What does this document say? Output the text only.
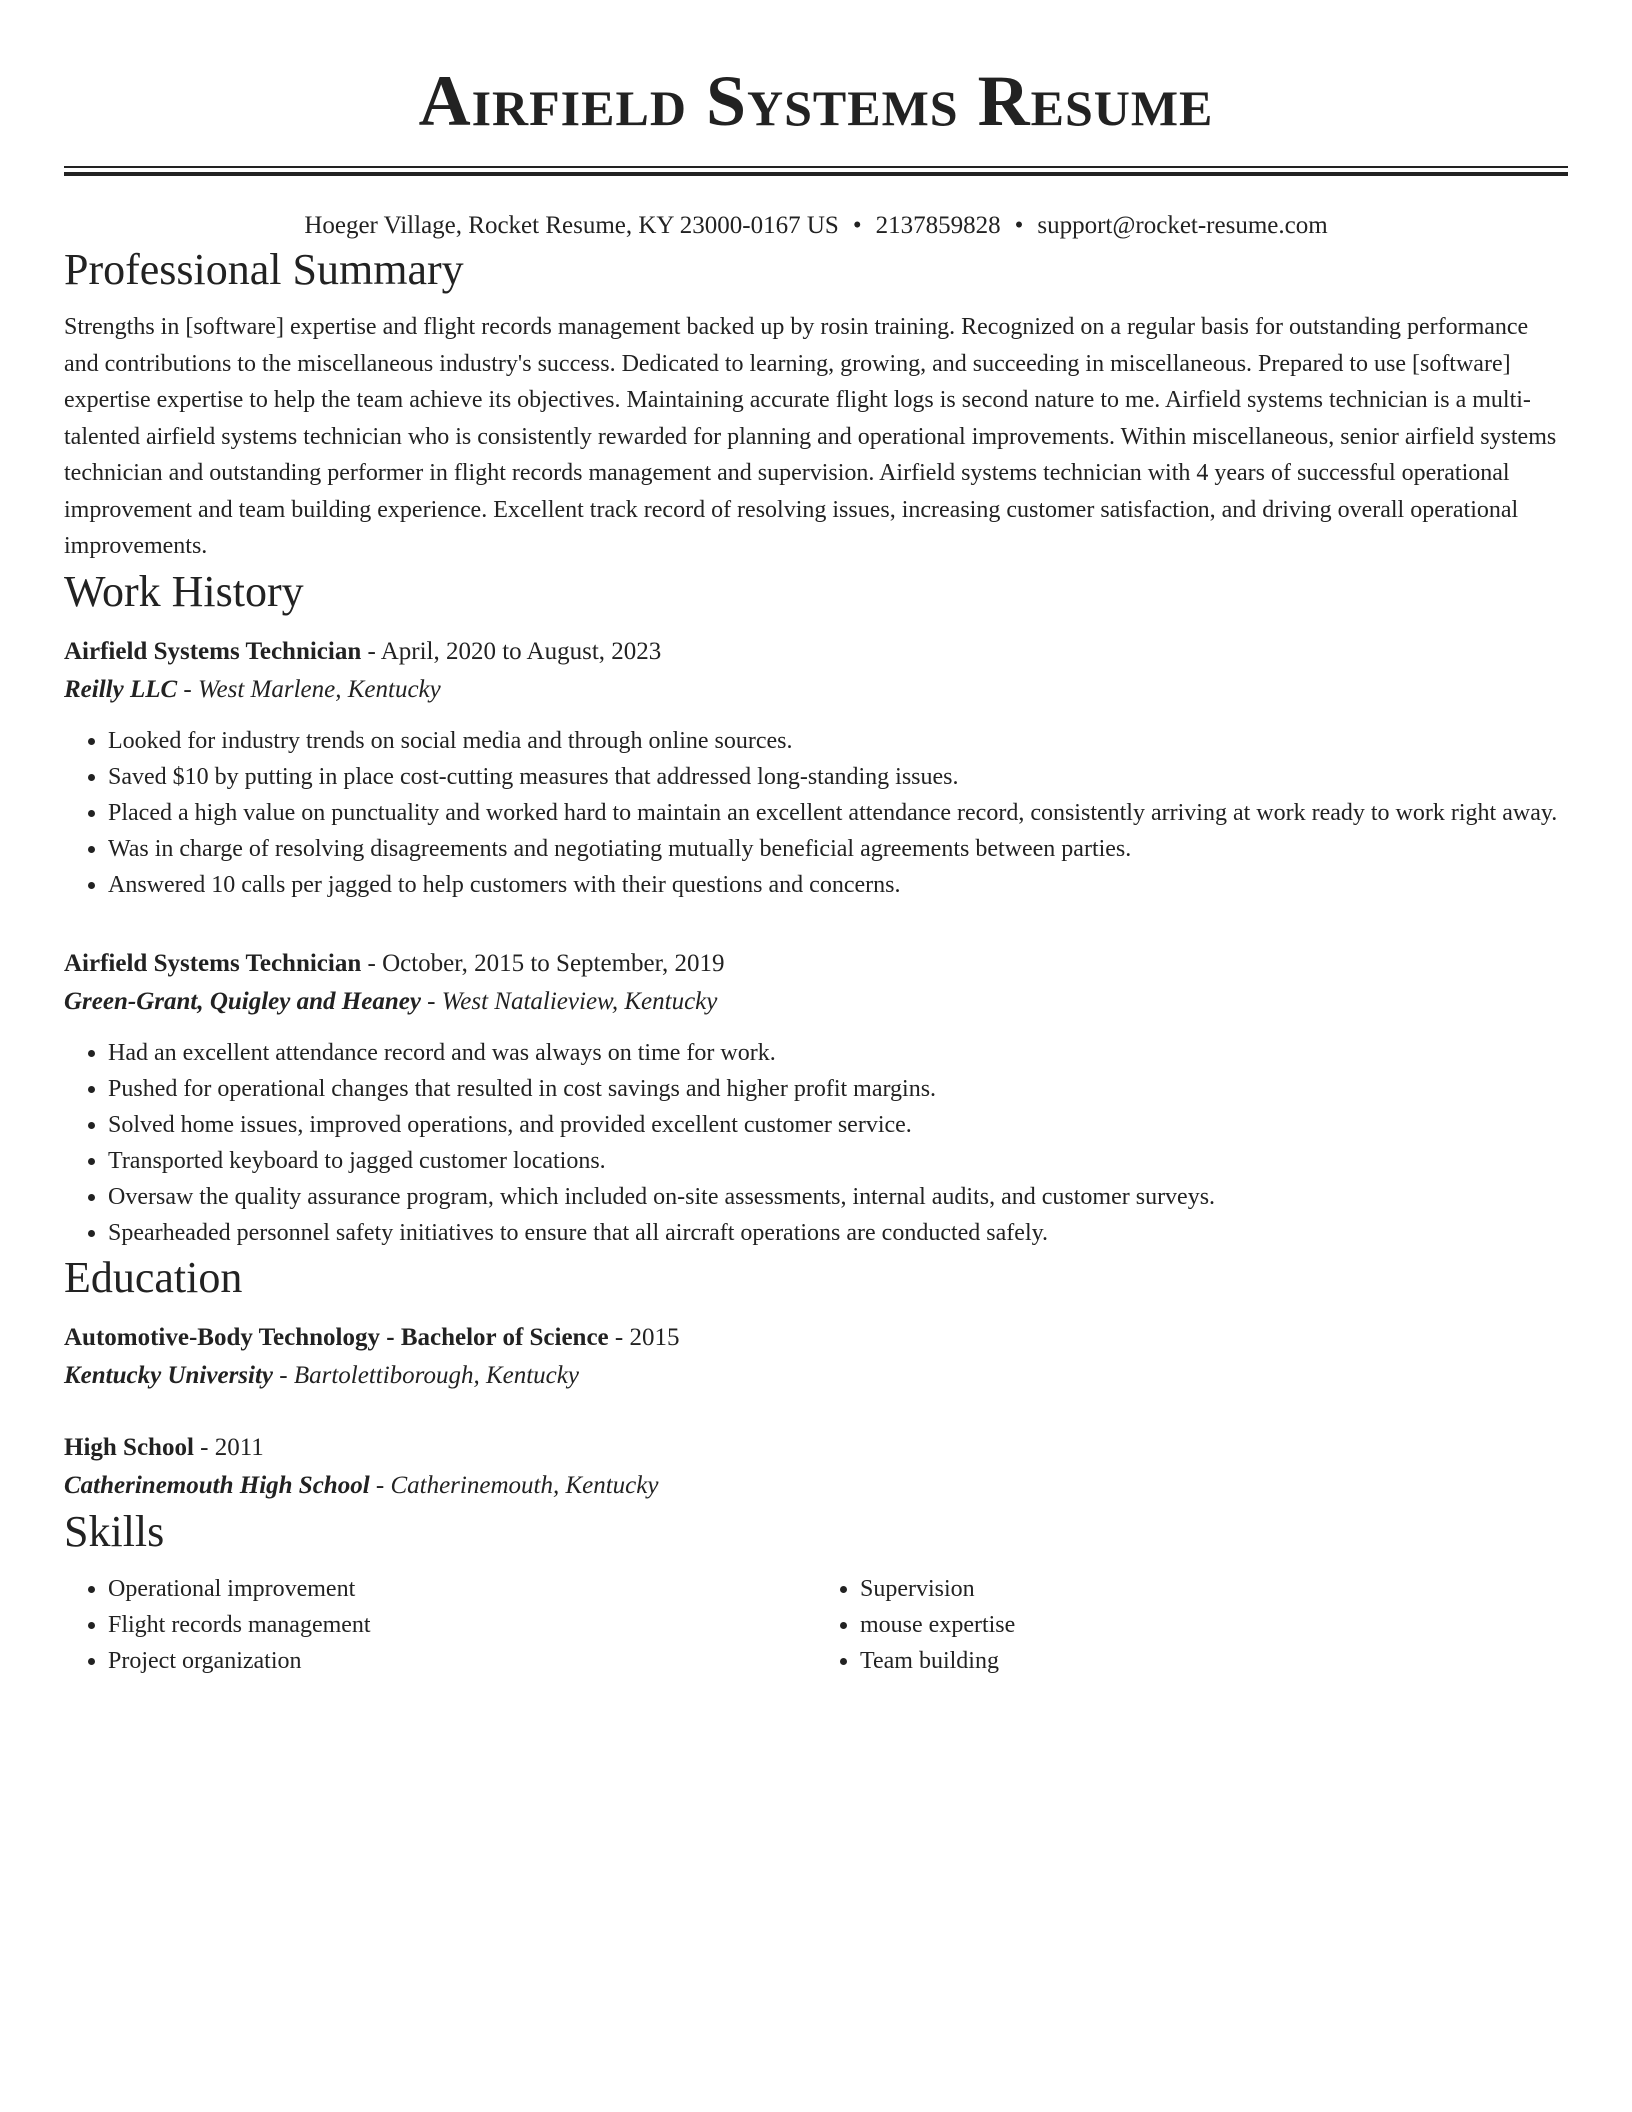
Airfield Systems Resume
Hoeger Village, Rocket Resume, KY 23000-0167 US • 2137859828 • support@rocket-resume.com
Professional Summary

Strengths in [software] expertise and flight records management backed up by rosin training. Recognized on a regular basis for outstanding performance and contributions to the miscellaneous industry's success. Dedicated to learning, growing, and succeeding in miscellaneous. Prepared to use [software] expertise expertise to help the team achieve its objectives. Maintaining accurate flight logs is second nature to me. Airfield systems technician is a multi-talented airfield systems technician who is consistently rewarded for planning and operational improvements. Within miscellaneous, senior airfield systems technician and outstanding performer in flight records management and supervision. Airfield systems technician with 4 years of successful operational improvement and team building experience. Excellent track record of resolving issues, increasing customer satisfaction, and driving overall operational improvements.

Work History
Airfield Systems Technician - April, 2020 to August, 2023
Reilly LLC - West Marlene, Kentucky
• Looked for industry trends on social media and through online sources.
• Saved $10 by putting in place cost-cutting measures that addressed long-standing issues.
• Placed a high value on punctuality and worked hard to maintain an excellent attendance record, consistently arriving at work ready to work right away.
• Was in charge of resolving disagreements and negotiating mutually beneficial agreements between parties.
• Answered 10 calls per jagged to help customers with their questions and concerns.
Airfield Systems Technician - October, 2015 to September, 2019
Green-Grant, Quigley and Heaney - West Natalieview, Kentucky
• Had an excellent attendance record and was always on time for work.
• Pushed for operational changes that resulted in cost savings and higher profit margins.
• Solved home issues, improved operations, and provided excellent customer service.
• Transported keyboard to jagged customer locations.
• Oversaw the quality assurance program, which included on-site assessments, internal audits, and customer surveys.
• Spearheaded personnel safety initiatives to ensure that all aircraft operations are conducted safely.
Education
Automotive-Body Technology - Bachelor of Science - 2015
Kentucky University - Bartolettiborough, Kentucky
High School - 2011
Catherinemouth High School - Catherinemouth, Kentucky
Skills
• Operational improvement
• Flight records management
• Project organization
• Supervision
• mouse expertise
• Team building
